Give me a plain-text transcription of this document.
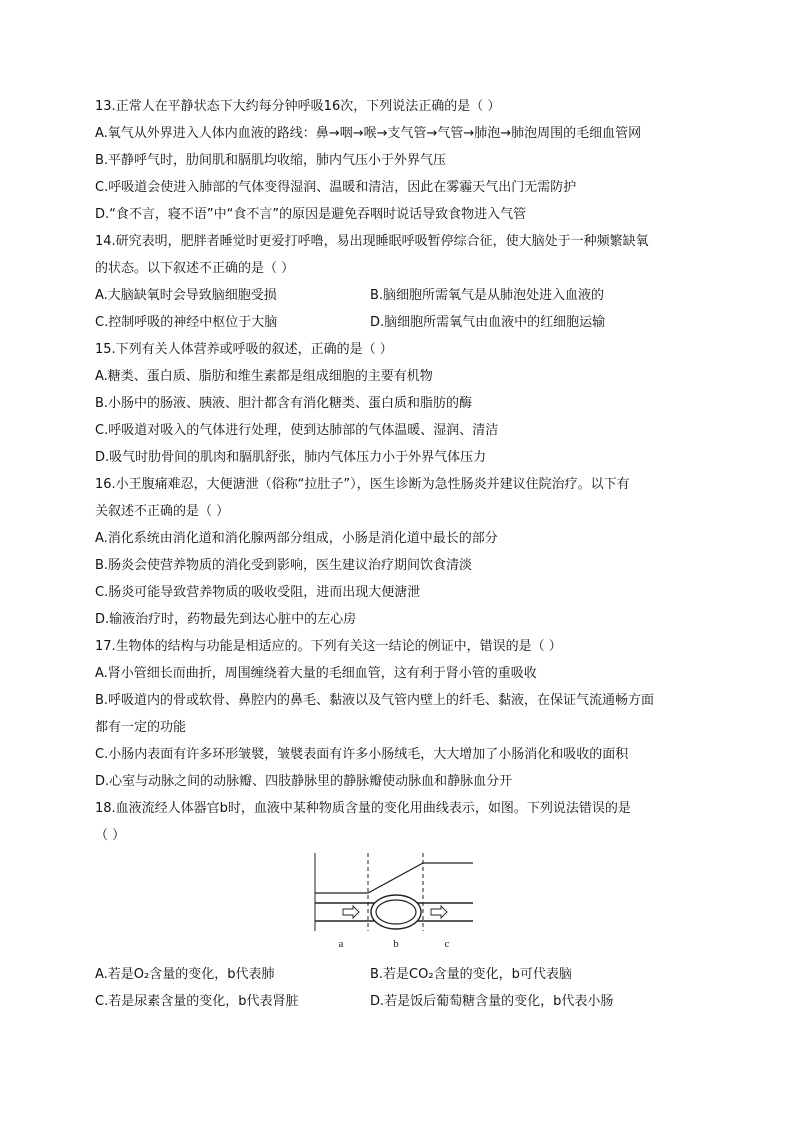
13.正常人在平静状态下大约每分钟呼吸16次，下列说法正确的是（ ）
A.氧气从外界进入人体内血液的路线：鼻→咽→喉→支气管→气管→肺泡→肺泡周围的毛细血管网
B.平静呼气时，肋间肌和膈肌均收缩，肺内气压小于外界气压
C.呼吸道会使进入肺部的气体变得湿润、温暖和清洁，因此在雾霾天气出门无需防护
D.“食不言，寝不语”中“食不言”的原因是避免吞咽时说话导致食物进入气管
14.研究表明，肥胖者睡觉时更爱打呼噜，易出现睡眠呼吸暂停综合征，使大脑处于一种频繁缺氧
的状态。以下叙述不正确的是（ ）
A.大脑缺氧时会导致脑细胞受损	B.脑细胞所需氧气是从肺泡处进入血液的
C.控制呼吸的神经中枢位于大脑	D.脑细胞所需氧气由血液中的红细胞运输
15.下列有关人体营养或呼吸的叙述，正确的是（ ）
A.糖类、蛋白质、脂肪和维生素都是组成细胞的主要有机物
B.小肠中的肠液、胰液、胆汁都含有消化糖类、蛋白质和脂肪的酶
C.呼吸道对吸入的气体进行处理，使到达肺部的气体温暖、湿润、清洁
D.吸气时肋骨间的肌肉和膈肌舒张，肺内气体压力小于外界气体压力
16.小王腹痛难忍，大便溏泄（俗称“拉肚子”），医生诊断为急性肠炎并建议住院治疗。以下有
关叙述不正确的是（ ）
A.消化系统由消化道和消化腺两部分组成，小肠是消化道中最长的部分
B.肠炎会使营养物质的消化受到影响，医生建议治疗期间饮食清淡
C.肠炎可能导致营养物质的吸收受阻，进而出现大便溏泄
D.输液治疗时，药物最先到达心脏中的左心房
17.生物体的结构与功能是相适应的。下列有关这一结论的例证中，错误的是（ ）
A.肾小管细长而曲折，周围缠绕着大量的毛细血管，这有利于肾小管的重吸收
B.呼吸道内的骨或软骨、鼻腔内的鼻毛、黏液以及气管内壁上的纤毛、黏液，在保证气流通畅方面
都有一定的功能
C.小肠内表面有许多环形皱襞，皱襞表面有许多小肠绒毛，大大增加了小肠消化和吸收的面积
D.心室与动脉之间的动脉瓣、四肢静脉里的静脉瓣使动脉血和静脉血分开
18.血液流经人体器官b时，血液中某种物质含量的变化用曲线表示，如图。下列说法错误的是
（ ）
a	b	c
A.若是O₂含量的变化，b代表肺	B.若是CO₂含量的变化，b可代表脑
C.若是尿素含量的变化，b代表肾脏	D.若是饭后葡萄糖含量的变化，b代表小肠
